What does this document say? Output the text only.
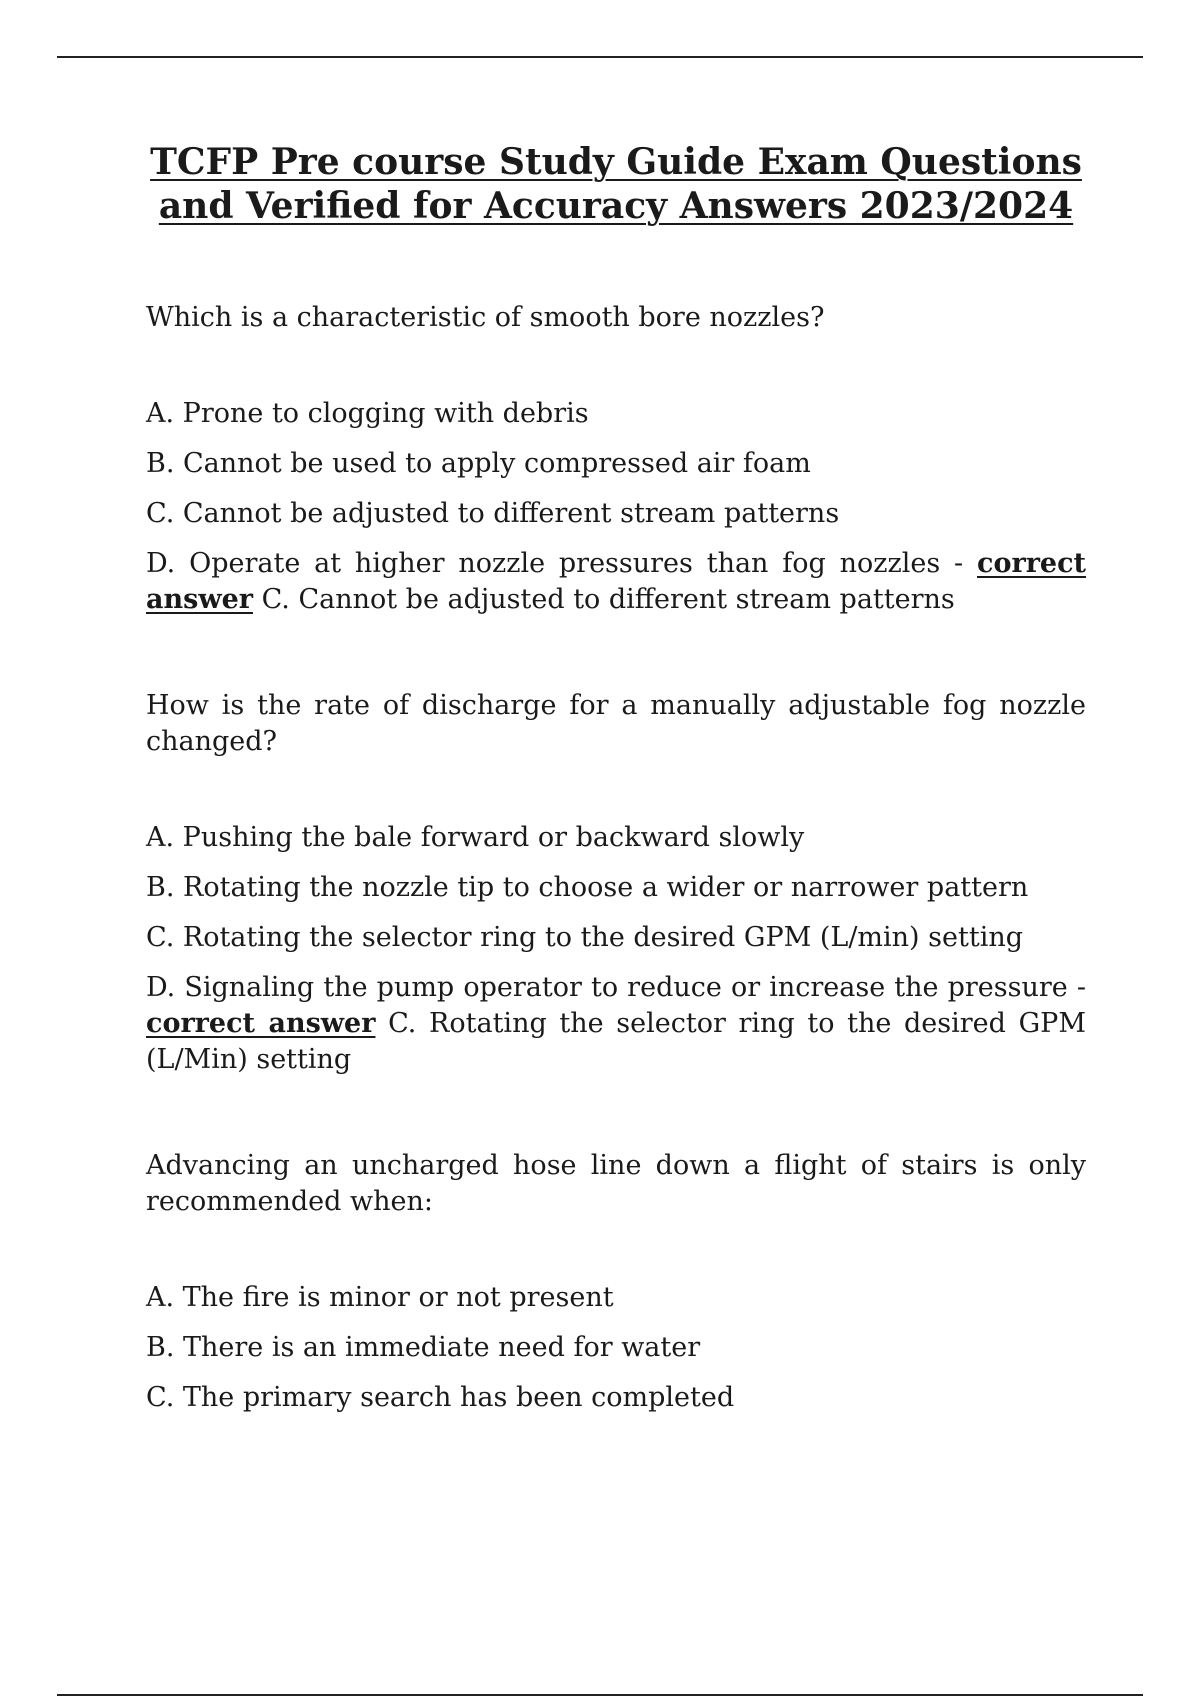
TCFP Pre course Study Guide Exam Questions and Verified for Accuracy Answers 2023/2024

Which is a characteristic of smooth bore nozzles?

A. Prone to clogging with debris

B. Cannot be used to apply compressed air foam

C. Cannot be adjusted to different stream patterns

D. Operate at higher nozzle pressures than fog nozzles - correct answer C. Cannot be adjusted to different stream patterns

How is the rate of discharge for a manually adjustable fog nozzle changed?

A. Pushing the bale forward or backward slowly

B. Rotating the nozzle tip to choose a wider or narrower pattern

C. Rotating the selector ring to the desired GPM (L/min) setting

D. Signaling the pump operator to reduce or increase the pressure - correct answer C. Rotating the selector ring to the desired GPM (L/Min) setting

Advancing an uncharged hose line down a flight of stairs is only recommended when:

A. The fire is minor or not present

B. There is an immediate need for water

C. The primary search has been completed
